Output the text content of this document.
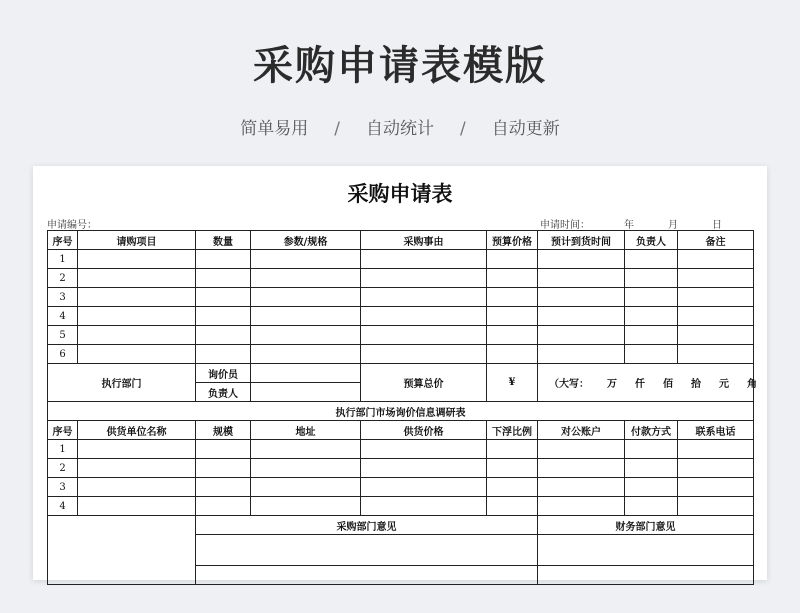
采购申请表模版
简单易用 / 自动统计 / 自动更新
采购申请表
申请编号：	申请时间：	年	月	日
序号	请购项目	数量	参数/规格	采购事由	预算价格	预计到货时间	负责人	备注
1								
2								
3								
4								
5								
6								
执行部门		询价员		预算总价	¥	（大写： 万 仟 佰 拾 元 角		
		负责人						
执行部门市场询价信息调研表								
序号	供货单位名称	规模	地址	供货价格	下浮比例	对公账户	付款方式	联系电话
1								
2								
3								
4								
		采购部门意见				财务部门意见		
